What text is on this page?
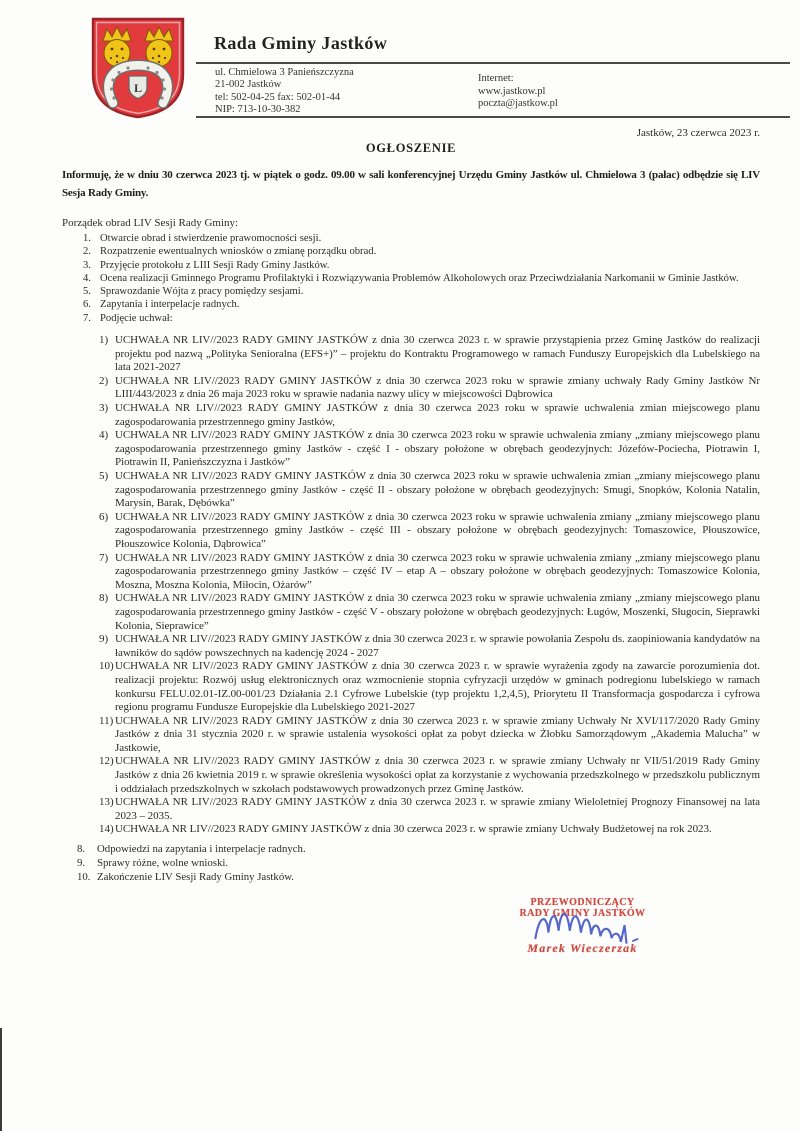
L
Rada Gminy Jastków
ul. Chmielowa 3 Panieńszczyzna
21-002 Jastków
tel: 502-04-25 fax: 502-01-44
NIP: 713-10-30-382
Internet:
www.jastkow.pl
poczta@jastkow.pl
Jastków, 23 czerwca 2023 r.
OGŁOSZENIE

Informuję, że w dniu 30 czerwca 2023 tj. w piątek o godz. 09.00 w sali konferencyjnej Urzędu Gminy Jastków ul. Chmielowa 3 (pałac) odbędzie się LIV Sesja Rady Gminy.

Porządek obrad LIV Sesji Rady Gminy:
1. Otwarcie obrad i stwierdzenie prawomocności sesji.
2. Rozpatrzenie ewentualnych wniosków o zmianę porządku obrad.
3. Przyjęcie protokołu z LIII Sesji Rady Gminy Jastków.
4. Ocena realizacji Gminnego Programu Profilaktyki i Rozwiązywania Problemów Alkoholowych oraz Przeciwdziałania Narkomanii w Gminie Jastków.
5. Sprawozdanie Wójta z pracy pomiędzy sesjami.
6. Zapytania i interpelacje radnych.
7. Podjęcie uchwał:
1) UCHWAŁA NR LIV//2023 RADY GMINY JASTKÓW z dnia 30 czerwca 2023 r. w sprawie przystąpienia przez Gminę Jastków do realizacji projektu pod nazwą „Polityka Senioralna (EFS+)” – projektu do Kontraktu Programowego w ramach Funduszy Europejskich dla Lubelskiego na lata 2021-2027
2) UCHWAŁA NR LIV//2023 RADY GMINY JASTKÓW z dnia 30 czerwca 2023 roku w sprawie zmiany uchwały Rady Gminy Jastków Nr LIII/443/2023 z dnia 26 maja 2023 roku w sprawie nadania nazwy ulicy w miejscowości Dąbrowica
3) UCHWAŁA NR LIV//2023 RADY GMINY JASTKÓW z dnia 30 czerwca 2023 roku w sprawie uchwalenia zmian miejscowego planu zagospodarowania przestrzennego gminy Jastków,
4) UCHWAŁA NR LIV//2023 RADY GMINY JASTKÓW z dnia 30 czerwca 2023 roku w sprawie uchwalenia zmiany „zmiany miejscowego planu zagospodarowania przestrzennego gminy Jastków - część I - obszary położone w obrębach geodezyjnych: Józefów-Pociecha, Piotrawin I, Piotrawin II, Panieńszczyzna i Jastków”
5) UCHWAŁA NR LIV//2023 RADY GMINY JASTKÓW z dnia 30 czerwca 2023 roku w sprawie uchwalenia zmian „zmiany miejscowego planu zagospodarowania przestrzennego gminy Jastków - część II - obszary położone w obrębach geodezyjnych: Smugi, Snopków, Kolonia Natalin, Marysin, Barak, Dębówka”
6) UCHWAŁA NR LIV//2023 RADY GMINY JASTKÓW z dnia 30 czerwca 2023 roku w sprawie uchwalenia zmiany „zmiany miejscowego planu zagospodarowania przestrzennego gminy Jastków - część III - obszary położone w obrębach geodezyjnych: Tomaszowice, Płouszowice, Płouszowice Kolonia, Dąbrowica”
7) UCHWAŁA NR LIV//2023 RADY GMINY JASTKÓW z dnia 30 czerwca 2023 roku w sprawie uchwalenia zmiany „zmiany miejscowego planu zagospodarowania przestrzennego gminy Jastków – część IV – etap A – obszary położone w obrębach geodezyjnych: Tomaszowice Kolonia, Moszna, Moszna Kolonia, Miłocin, Ożarów”
8) UCHWAŁA NR LIV//2023 RADY GMINY JASTKÓW z dnia 30 czerwca 2023 roku w sprawie uchwalenia zmiany „zmiany miejscowego planu zagospodarowania przestrzennego gminy Jastków - część V - obszary położone w obrębach geodezyjnych: Ługów, Moszenki, Sługocin, Sieprawki Kolonia, Sieprawice”
9) UCHWAŁA NR LIV//2023 RADY GMINY JASTKÓW z dnia 30 czerwca 2023 r. w sprawie powołania Zespołu ds. zaopiniowania kandydatów na ławników do sądów powszechnych na kadencję 2024 - 2027
10) UCHWAŁA NR LIV//2023 RADY GMINY JASTKÓW z dnia 30 czerwca 2023 r. w sprawie wyrażenia zgody na zawarcie porozumienia dot. realizacji projektu: Rozwój usług elektronicznych oraz wzmocnienie stopnia cyfryzacji urzędów w gminach podregionu lubelskiego w ramach konkursu FELU.02.01-IZ.00-001/23 Działania 2.1 Cyfrowe Lubelskie (typ projektu 1,2,4,5), Priorytetu II Transformacja gospodarcza i cyfrowa regionu programu Fundusze Europejskie dla Lubelskiego 2021-2027
11) UCHWAŁA NR LIV//2023 RADY GMINY JASTKÓW z dnia 30 czerwca 2023 r. w sprawie zmiany Uchwały Nr XVI/117/2020 Rady Gminy Jastków z dnia 31 stycznia 2020 r. w sprawie ustalenia wysokości opłat za pobyt dziecka w Żłobku Samorządowym „Akademia Malucha” w Jastkowie,
12) UCHWAŁA NR LIV//2023 RADY GMINY JASTKÓW z dnia 30 czerwca 2023 r. w sprawie zmiany Uchwały nr VII/51/2019 Rady Gminy Jastków z dnia 26 kwietnia 2019 r. w sprawie określenia wysokości opłat za korzystanie z wychowania przedszkolnego w przedszkolu publicznym i oddziałach przedszkolnych w szkołach podstawowych prowadzonych przez Gminę Jastków.
13) UCHWAŁA NR LIV//2023 RADY GMINY JASTKÓW z dnia 30 czerwca 2023 r. w sprawie zmiany Wieloletniej Prognozy Finansowej na lata 2023 – 2035.
14) UCHWAŁA NR LIV//2023 RADY GMINY JASTKÓW z dnia 30 czerwca 2023 r. w sprawie zmiany Uchwały Budżetowej na rok 2023.
8.	Odpowiedzi na zapytania i interpelacje radnych.
9.	Sprawy różne, wolne wnioski.
10. Zakończenie LIV Sesji Rady Gminy Jastków.
PRZEWODNICZĄCY
RADY GMINY JASTKÓW
Marek Wieczerzak
